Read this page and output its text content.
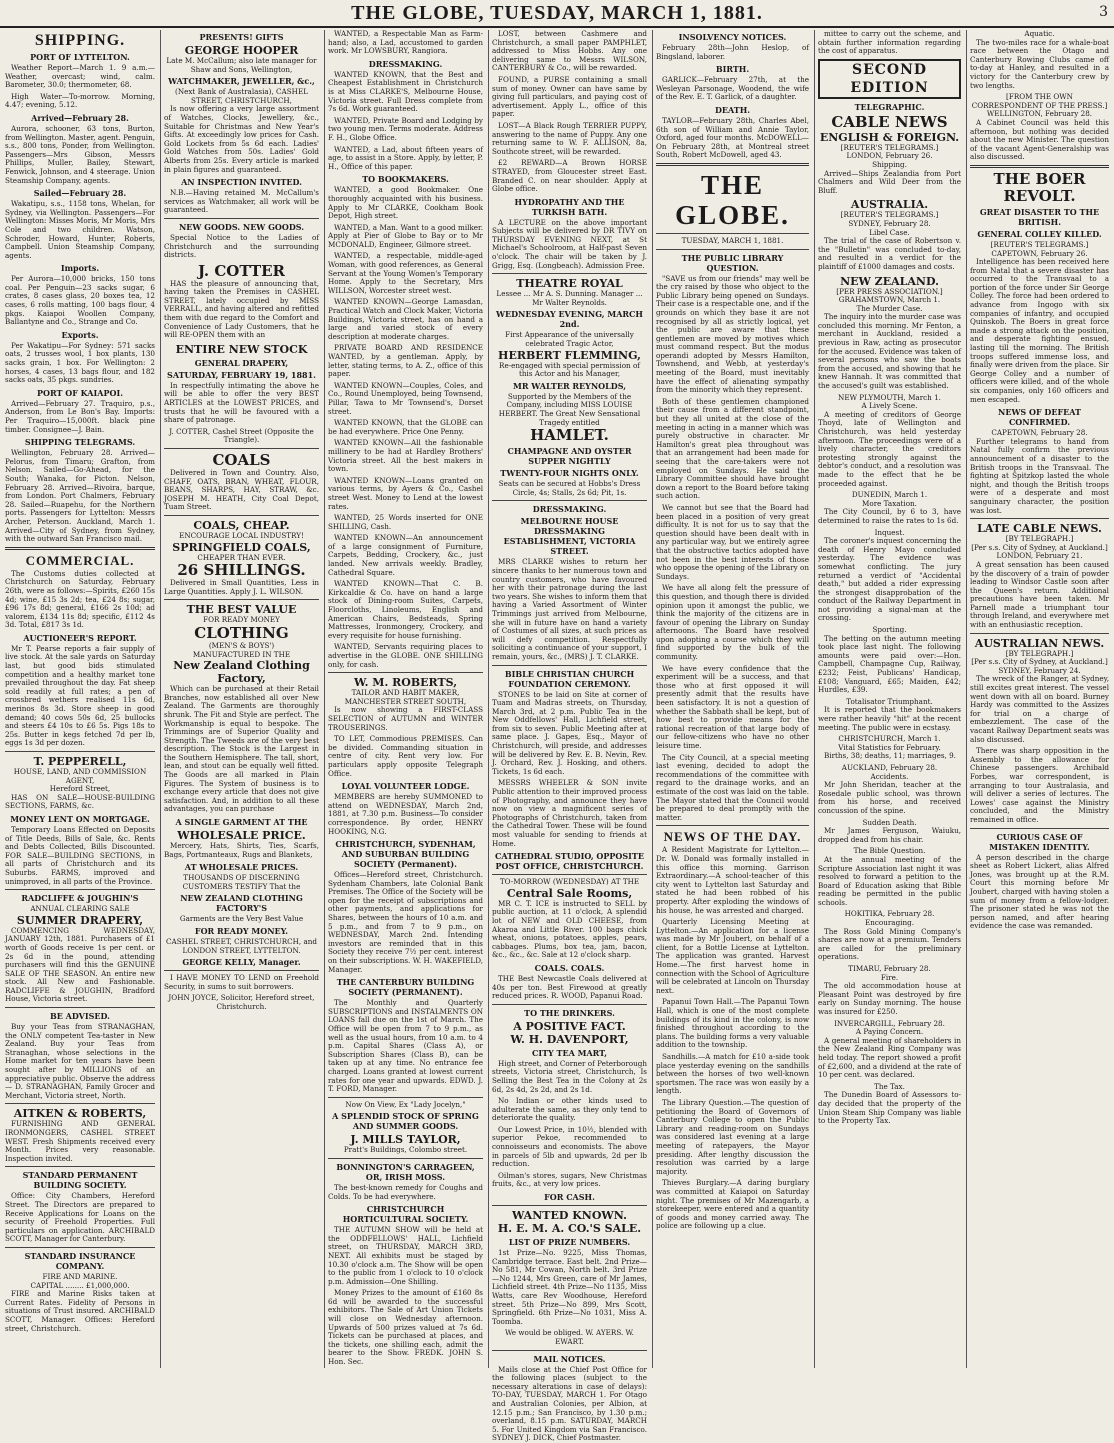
THE GLOBE, TUESDAY, MARCH 1, 1881.	3
SHIPPING.
PORT OF LYTTELTON.

Weather Report—March 1. 9 a.m.—Weather, overcast; wind, calm. Barometer, 30.0; thermometer, 68.

High Water—To-morrow. Morning, 4.47; evening, 5.12.

Arrived—February 28.

Aurora, schooner, 63 tons, Burton, from Wellington. Master, agent. Penguin, s.s., 800 tons, Ponder, from Wellington. Passengers—Mrs Gibson, Messrs Phillips, Muller, Bailey, Stewart, Fenwick, Johnson, and 4 steerage. Union Steamship Company, agents.

Sailed—February 28.

Wakatipu, s.s., 1158 tons, Whelan, for Sydney, via Wellington. Passengers—For Wellington: Misses Moris, Mr Moris, Mrs Cole and two children. Watson, Schroder, Howard, Hunter, Roberts, Campbell. Union Steamship Company, agents.

Imports.

Per Aurora—10,000 bricks, 150 tons coal. Per Penguin—23 sacks sugar, 6 crates, 8 cases glass, 20 boxes tea, 12 cases, 6 rolls matting, 100 bags flour, 4 pkgs. Kaiapoi Woollen Company, Ballantyne and Co., Strange and Co.

Exports.

Per Wakatipu—For Sydney: 571 sacks oats, 2 trusses wool, 1 box plants, 130 sacks grain, 1 box. For Wellington: 2 horses, 4 cases, 13 bags flour, and 182 sacks oats, 35 pkgs. sundries.

PORT OF KAIAPOI.

Arrived—February 27. Traquiro, p.s., Anderson, from Le Bon's Bay. Imports: Per Traquiro—15,000ft. black pine timber. Consignee—J. Bain.

SHIPPING TELEGRAMS.

Wellington, February 28. Arrived—Pelorus, from Timaru; Grafton, from Nelson. Sailed—Go-Ahead, for the South; Wanaka, for Picton. Nelson, February 28. Arrived—Rivoira, barque, from London. Port Chalmers, February 28. Sailed—Ruapehu, for the Northern ports. Passengers for Lyttelton: Messrs Archer, Peterson. Auckland, March 1. Arrived—City of Sydney, from Sydney, with the outward San Francisco mail.

COMMERCIAL.

The Customs duties collected at Christchurch on Saturday, February 26th, were as follows:—Spirits, £260 15s 4d; wine, £15 3s 2d; tea, £24 8s; sugar, £96 17s 8d; general, £166 2s 10d; ad valorem, £134 11s 8d; specific, £112 4s 3d. Total, £817 3s 1d.

AUCTIONEER'S REPORT.

Mr T. Pearse reports a fair supply of live stock. At the sale yards on Saturday last, but good bids stimulated competition and a healthy market tone prevailed throughout the day. Fat sheep sold readily at full rates; a pen of crossbred wethers realised 11s 6d, merinos 8s 3d. Store sheep in good demand; 40 cows 50s 6d, 25 bullocks and steers £4 10s to £6 5s. Pigs 18s to 25s. Butter in kegs fetched 7d per lb, eggs 1s 3d per dozen.

T. PEPPERELL,
HOUSE, LAND, AND COMMISSION AGENT,
Hereford Street,

HAS ON SALE—HOUSE-BUILDING SECTIONS, FARMS, &c.

MONEY LENT ON MORTGAGE.

Temporary Loans Effected on Deposits of Title Deeds, Bills of Sale, &c. Rents and Debts Collected, Bills Discounted. FOR SALE—BUILDING SECTIONS, in all parts of Christchurch and its Suburbs. FARMS, improved and unimproved, in all parts of the Province.

RADCLIFFE & JOUGHIN'S
ANNUAL CLEARING SALE
SUMMER DRAPERY,

COMMENCING WEDNESDAY, JANUARY 12th, 1881. Purchasers of £1 worth of Goods receive 1s per cent. or 2s 6d in the pound, attending purchasers will find this the GENUINE SALE OF THE SEASON. An entire new stock. All New and Fashionable. RADCLIFFE & JOUGHIN, Bradford House, Victoria street.

BE ADVISED.

Buy your Teas from STRANAGHAN, the ONLY competent Tea-taster in New Zealand. Buy your Teas from Stranaghan, whose selections in the Home market for ten years have been sought after by MILLIONS of an appreciative public. Observe the address— D. STRANAGHAN, Family Grocer and Merchant, Victoria street, North.

AITKEN & ROBERTS,

FURNISHING AND GENERAL IRONMONGERS, CASHEL STREET WEST. Fresh Shipments received every Month. Prices very reasonable. Inspection invited.

STANDARD PERMANENT BUILDING SOCIETY.

Office: City Chambers, Hereford Street. The Directors are prepared to Receive Applications for Loans on the security of Freehold Properties. Full particulars on application. ARCHIBALD SCOTT, Manager for Canterbury.

STANDARD INSURANCE COMPANY.
FIRE AND MARINE.
CAPITAL ........ £1,000,000.

FIRE and Marine Risks taken at Current Rates. Fidelity of Persons in situations of Trust insured. ARCHIBALD SCOTT, Manager. Offices: Hereford street, Christchurch.

PRESENTS! GIFTS
GEORGE HOOPER
Late M. McCallum; also late manager for Shaw and Sons, Wellington,
WATCHMAKER, JEWELLER, &c.,
(Next Bank of Australasia), CASHEL STREET, CHRISTCHURCH,

Is now offering a very large assortment of Watches, Clocks, Jewellery, &c., Suitable for Christmas and New Year's Gifts. At exceedingly low prices for Cash. Gold Lockets from 5s 6d each. Ladies' Gold Watches from 50s. Ladies' Gold Alberts from 25s. Every article is marked in plain figures and guaranteed.

AN INSPECTION INVITED.

N.B.—Having retained M. McCallum's services as Watchmaker, all work will be guaranteed.

NEW GOODS. NEW GOODS.

Special Notice to the Ladies of Christchurch and the surrounding districts.

J. COTTER

HAS the pleasure of announcing that, having taken the Premises in CASHEL STREET, lately occupied by MISS VERRALL, and having altered and refitted them with due regard to the Comfort and Convenience of Lady Customers, that he will RE-OPEN them with an

ENTIRE NEW STOCK
GENERAL DRAPERY,
SATURDAY, FEBRUARY 19, 1881.

In respectfully intimating the above he will be able to offer the very BEST ARTICLES at the LOWEST PRICES, and trusts that he will be favoured with a share of patronage.

J. COTTER, Cashel Street (Opposite the Triangle).
COALS

Delivered in Town and Country. Also, CHAFF, OATS, BRAN, WHEAT, FLOUR, BEANS, SHARPS, HAY, STRAW, &c. JOSEPH M. HEATH, City Coal Depot, Tuam Street.

COALS, CHEAP.
ENCOURAGE LOCAL INDUSTRY!
SPRINGFIELD COALS,
CHEAPER THAN EVER.
26 SHILLINGS.

Delivered in Small Quantities, Less in Large Quantities. Apply J. L. WILSON.

THE BEST VALUE
FOR READY MONEY
CLOTHING
(MEN'S & BOYS')
MANUFACTURED IN THE
New Zealand Clothing Factory,

Which can be purchased at their Retail Branches, now established all over New Zealand. The Garments are thoroughly shrunk. The Fit and Style are perfect. The Workmanship is equal to bespoke. The Trimmings are of Superior Quality and Strength. The Tweeds are of the very best description. The Stock is the Largest in the Southern Hemisphere. The tall, short, lean, and stout can be equally well fitted. The Goods are all marked in Plain Figures. The System of business is to exchange every article that does not give satisfaction. And, in addition to all these advantages, you can purchase

A SINGLE GARMENT AT THE
WHOLESALE PRICE.

Mercery, Hats, Shirts, Ties, Scarfs, Bags, Portmanteaux, Rugs and Blankets,

AT WHOLESALE PRICES.
THOUSANDS OF DISCERNING CUSTOMERS TESTIFY That the
NEW ZEALAND CLOTHING FACTORY'S
Garments are the Very Best Value
FOR READY MONEY.
CASHEL STREET, CHRISTCHURCH, and LONDON STREET, LYTTELTON.
GEORGE KELLY, Manager.

I HAVE MONEY TO LEND on Freehold Security, in sums to suit borrowers.

JOHN JOYCE, Solicitor, Hereford street, Christchurch.

WANTED, a Respectable Man as Farm-hand; also, a Lad, accustomed to garden work. Mr LOWSBURY, Rangiora.

DRESSMAKING.

WANTED KNOWN, that the Best and Cheapest Establishment in Christchurch is at Miss CLARKE'S, Melbourne House, Victoria street. Full Dress complete from 7s 6d. Work guaranteed.

WANTED, Private Board and Lodging by two young men. Terms moderate. Address F. H., Globe Office.

WANTED, a Lad, about fifteen years of age, to assist in a Store. Apply, by letter, P. H., Office of this paper.

TO BOOKMAKERS.

WANTED, a good Bookmaker. One thoroughly acquainted with his business. Apply to Mr CLARKE, Cookham Book Depot, High street.

WANTED, a Man. Want to a good milker. Apply at Pier of Globe to Bay or to Mr MCDONALD, Engineer, Gilmore street.

WANTED, a respectable, middle-aged Woman, with good references, as General Servant at the Young Women's Temporary Home. Apply to the Secretary, Mrs WILLSON, Worcester street west.

WANTED KNOWN—George Lamasdan, Practical Watch and Clock Maker, Victoria Buildings, Victoria street, has on hand a large and varied stock of every description at moderate charges.

PRIVATE BOARD AND RESIDENCE WANTED, by a gentleman. Apply, by letter, stating terms, to A. Z., office of this paper.

WANTED KNOWN—Couples, Coles, and Co., Round Unemployed, being Townsend, Pillar, Tawa to Mr Townsend's, Dorset street.

WANTED KNOWN, that the GLOBE can be had everywhere. Price One Penny.

WANTED KNOWN—All the fashionable millinery to be had at Hardley Brothers' Victoria street. All the best makers in town.

WANTED KNOWN—Loans granted on various terms, by Ayers & Co., Cashel street West. Money to Lend at the lowest rates.

WANTED, 25 Words inserted for ONE SHILLING, Cash.

WANTED KNOWN—An announcement of a large consignment of Furniture, Carpets, Bedding, Crockery, &c., just landed. New arrivals weekly. Bradley, Cathedral Square.

WANTED KNOWN—That C. B. Kirkcaldie & Co. have on hand a large stock of Dining-room Suites, Carpets, Floorcloths, Linoleums, English and American Chairs, Bedsteads, Spring Mattresses, Ironmongery, Crockery, and every requisite for house furnishing.

WANTED, Servants requiring places to advertise in the GLOBE. ONE SHILLING only, for cash.

W. M. ROBERTS,
TAILOR AND HABIT MAKER, MANCHESTER STREET SOUTH,

Is now showing a FIRST-CLASS SELECTION of AUTUMN and WINTER TROUSERINGS.

TO LET, Commodious PREMISES. Can be divided. Commanding situation in centre of city. Rent very low. For particulars apply opposite Telegraph Office.

LOYAL VOLUNTEER LODGE.

MEMBERS are hereby SUMMONED to attend on WEDNESDAY, March 2nd, 1881, at 7.30 p.m. Business—To consider correspondence. By order, HENRY HOOKING, N.G.

CHRISTCHURCH, SYDENHAM, AND SUBURBAN BUILDING SOCIETY (Permanent).

Offices—Hereford street, Christchurch. Sydenham Chambers, late Colonial Bank Premises. The Office of the Society will be open for the receipt of subscriptions and other payments, and applications for Shares, between the hours of 10 a.m. and 5 p.m., and from 7 to 9 p.m., on WEDNESDAY, March 2nd. Intending investors are reminded that in this Society they receive 7½ per cent. interest on their subscriptions. W. H. WAKEFIELD, Manager.

THE CANTERBURY BUILDING SOCIETY (PERMANENT).

The Monthly and Quarterly SUBSCRIPTIONS and INSTALMENTS ON LOANS fall due on the 1st of March. The Office will be open from 7 to 9 p.m., as well as the usual hours, from 10 a.m. to 4 p.m. Capital Shares (Class A), or Subscription Shares (Class B), can be taken up at any time. No entrance fee charged. Loans granted at lowest current rates for one year and upwards. EDWD. J. T. FORD, Manager.

Now On View, Ex "Lady Jocelyn,"
A SPLENDID STOCK OF SPRING AND SUMMER GOODS.
J. MILLS TAYLOR,
Pratt's Buildings, Colombo street.
BONNINGTON'S CARRAGEEN, OR, IRISH MOSS.

The best-known remedy for Coughs and Colds. To be had everywhere.

CHRISTCHURCH HORTICULTURAL SOCIETY.

THE AUTUMN SHOW will be held at the ODDFELLOWS' HALL, Lichfield street, on THURSDAY, MARCH 3RD, NEXT. All exhibits must be staged by 10.30 o'clock a.m. The Show will be open to the public from 1 o'clock to 10 o'clock p.m. Admission—One Shilling.

Money Prizes to the amount of £160 8s 6d will be awarded to the successful exhibitors. The Sale of Art Union Tickets will close on Wednesday afternoon. Upwards of 500 prizes valued at 7s 6d. Tickets can be purchased at places, and the tickets, one shilling each, admit the bearer to the Show. FREDK. JOHN S. Hon. Sec.

LOST, between Cashmere and Christchurch, a small paper PAMPHLET, addressed to Miss Hobbs. Any one delivering same to Messrs WILSON, CANTERBURY & Co., will be rewarded.

FOUND, a PURSE containing a small sum of money. Owner can have same by giving full particulars, and paying cost of advertisement. Apply L., office of this paper.

LOST—A Black Rough TERRIER PUPPY, answering to the name of Puppy. Any one returning same to W. F. ALLISON, 8a, Southcote street, will be rewarded.

£2 REWARD—A Brown HORSE STRAYED, from Gloucester street East. Branded C. on near shoulder. Apply at Globe office.

HYDROPATHY AND THE TURKISH BATH.

A LECTURE on the above important Subjects will be delivered by DR TIVY on THURSDAY EVENING NEXT, at St Michael's Schoolroom, at Half-past Seven o'clock. The chair will be taken by J. Grigg, Esq. (Longbeach). Admission Free.

THEATRE ROYAL
Lessee ... Mr A. S. Dunning. Manager ... Mr Walter Reynolds.
WEDNESDAY EVENING, MARCH 2nd.
First Appearance of the universally celebrated Tragic Actor,
HERBERT FLEMMING,
Re-engaged with special permission of this Actor and his Manager,
MR WALTER REYNOLDS,
Supported by the Members of the Company, including MISS LOUISE HERBERT. The Great New Sensational Tragedy entitled
HAMLET.
CHAMPAGNE AND OYSTER SUPPER NIGHTLY
TWENTY-FOUR NIGHTS ONLY.
Seats can be secured at Hobbs's Dress Circle, 4s; Stalls, 2s 6d; Pit, 1s.
DRESSMAKING.
MELBOURNE HOUSE DRESSMAKING ESTABLISHMENT, VICTORIA STREET.

MRS CLARKE wishes to return her sincere thanks to her numerous town and country customers, who have favoured her with their patronage during the last two years. She wishes to inform them that having a Varied Assortment of Winter Trimmings just arrived from Melbourne, she will in future have on hand a variety of Costumes of all sizes, at such prices as will defy competition. Respectfully soliciting a continuance of your support, I remain, yours, &c., (MRS) J. T. CLARKE.

BIBLE CHRISTIAN CHURCH FOUNDATION CEREMONY.

STONES to be laid on Site at corner of Tuam and Madras streets, on Thursday, March 3rd, at 2 p.m. Public Tea in the New Oddfellows' Hall, Lichfield street, from six to seven. Public Meeting after at same place. J. Gapes, Esq., Mayor of Christchurch, will preside, and addresses will be delivered by Rev. E. B. Nevin, Rev. J. Orchard, Rev. J. Hosking, and others. Tickets, 1s 6d each.

MESSRS WHEELER & SON invite Public attention to their improved process of Photography, and announce they have now on view a magnificent series of Photographs of Christchurch, taken from the Cathedral Tower. These will be found most valuable for sending to friends at Home.

CATHEDRAL STUDIO, OPPOSITE POST OFFICE, CHRISTCHURCH.
TO-MORROW (WEDNESDAY) AT THE
Central Sale Rooms,

MR C. T. ICE is instructed to SELL by public auction, at 11 o'clock, A splendid lot of NEW and OLD CHEESE, from Akaroa and Little River. 100 bags chick wheat, onions, potatoes, apples, pears, cabbages. Plums, box tea, jam, bacon, &c., &c., &c. Sale at 12 o'clock sharp.

COALS. COALS.

THE Best Newcastle Coals delivered at 40s per ton. Best Firewood at greatly reduced prices. R. WOOD, Papanui Road.

TO THE DRINKERS.
A POSITIVE FACT.
W. H. DAVENPORT,
CITY TEA MART,

High street, and Corner of Peterborough streets, Victoria street, Christchurch, Is Selling the Best Tea in the Colony at 2s 6d, 2s 4d, 2s 2d, and 2s 1d.

No Indian or other kinds used to adulterate the same, as they only tend to deteriorate the quality.

Our Lowest Price, in 10½, blended with superior Pekoe, recommended to connoisseurs and economists. The above in parcels of 5lb and upwards, 2d per lb reduction.

Oilman's stores, sugars, New Christmas fruits, &c., at very low prices.

FOR CASH.
WANTED KNOWN.
H. E. M. A. CO.'S SALE.
LIST OF PRIZE NUMBERS.

1st Prize—No. 9225, Miss Thomas, Cambridge terrace. East belt. 2nd Prize—No 581, Mr Cowan, North belt. 3rd Prize—No 1244, Mrs Green, care of Mr James, Lichfield street. 4th Prize—No 1135, Miss Watts, care Rev Woodhouse, Hereford street. 5th Prize—No 899, Mrs Scott, Springfield. 6th Prize—No 1031, Miss A. Toomba.

We would be obliged. W. AYERS. W. EWART.
MAIL NOTICES.

Mails close at the Chief Post Office for the following places (subject to the necessary alterations in case of delays): TO-DAY, TUESDAY, MARCH 1. For Otago and Australian Colonies, per Albion, at 12.15 p.m.; San Francisco, by 1.30 p.m.; overland, 8.15 p.m. SATURDAY, MARCH 5. For United Kingdom via San Francisco. SYDNEY J. DICK, Chief Postmaster.

INSOLVENCY NOTICES.

February 28th—John Heslop, of Bingsland, laborer.

BIRTH.

GARLICK—February 27th, at the Wesleyan Parsonage, Woodend, the wife of the Rev. E. T. Garlick, of a daughter.

DEATH.

TAYLOR—February 28th, Charles Abel, 6th son of William and Annie Taylor, Oxford, aged four months. McDOWELL—On February 28th, at Montreal street South, Robert McDowell, aged 43.

THE GLOBE.
TUESDAY, MARCH 1, 1881.
THE PUBLIC LIBRARY QUESTION.

"SAVE us from our friends" may well be the cry raised by those who object to the Public Library being opened on Sundays. Their case is a respectable one, and if the grounds on which they base it are not recognised by all as strictly logical, yet the public are aware that these gentlemen are moved by motives which must command respect. But the modus operandi adopted by Messrs Hamilton, Townshend, and Webb, at yesterday's meeting of the Board, must inevitably have the effect of alienating sympathy from the minority which they represent.

Both of these gentlemen championed their cause from a different standpoint, but they all united at the close of the meeting in acting in a manner which was purely obstructive in character. Mr Hamilton's great plea throughout was that an arrangement had been made for seeing that the care-takers were not employed on Sundays. He said the Library Committee should have brought down a report to the Board before taking such action.

We cannot but see that the Board had been placed in a position of very great difficulty. It is not for us to say that the question should have been dealt with in any particular way, but we entirely agree that the obstructive tactics adopted have not been in the best interests of those who oppose the opening of the Library on Sundays.

We have all along felt the pressure of this question, and though there is divided opinion upon it amongst the public, we think the majority of the citizens are in favour of opening the Library on Sunday afternoons. The Board have resolved upon adopting a course which they will find supported by the bulk of the community.

We have every confidence that the experiment will be a success, and that those who at first opposed it will presently admit that the results have been satisfactory. It is not a question of whether the Sabbath shall be kept, but of how best to provide means for the rational recreation of that large body of our fellow-citizens who have no other leisure time.

The City Council, at a special meeting last evening, decided to adopt the recommendations of the committee with regard to the drainage works, and an estimate of the cost was laid on the table. The Mayor stated that the Council would be prepared to deal promptly with the matter.

NEWS OF THE DAY.

A Resident Magistrate for Lyttelton.—Dr. W. Donald was formally installed in this office this morning. Garrison Extraordinary.—A school-teacher of this city went to Lyttelton last Saturday and stated he had been robbed of his property. After exploding the windows of his house, he was arrested and charged.

Quarterly Licensing Meeting at Lyttelton.—An application for a license was made by Mr Joubert, on behalf of a client, for a Bottle License at Lyttelton. The application was granted. Harvest Home.—The first harvest home in connection with the School of Agriculture will be celebrated at Lincoln on Thursday next.

Papanui Town Hall.—The Papanui Town Hall, which is one of the most complete buildings of its kind in the colony, is now finished throughout according to the plans. The building forms a very valuable addition to the township.

Sandhills.—A match for £10 a-side took place yesterday evening on the sandhills between the horses of two well-known sportsmen. The race was won easily by a length.

The Library Question.—The question of petitioning the Board of Governors of Canterbury College to open the Public Library and reading-room on Sundays was considered last evening at a large meeting of ratepayers, the Mayor presiding. After lengthy discussion the resolution was carried by a large majority.

Thieves Burglary.—A daring burglary was committed at Kaiapoi on Saturday night. The premises of Mr Mazengarb, a storekeeper, were entered and a quantity of goods and money carried away. The police are following up a clue.

mittee to carry out the scheme, and obtain further information regarding the cost of apparatus.

SECOND EDITION
TELEGRAPHIC.
CABLE NEWS
ENGLISH & FOREIGN.
[REUTER'S TELEGRAMS.]
LONDON, February 26.
Shipping.

Arrived—Ships Zealandia from Port Chalmers and Wild Deer from the Bluff.

AUSTRALIA.
[REUTER'S TELEGRAMS.]
SYDNEY, February 28.
Libel Case.

The trial of the case of Robertson v. the "Bulletin" was concluded to-day, and resulted in a verdict for the plaintiff of £1000 damages and costs.

NEW ZEALAND.
[PER PRESS ASSOCIATION.]
GRAHAMSTOWN, March 1.
The Murder Case.

The inquiry into the murder case was concluded this morning. Mr Fenton, a merchant in Auckland, resided a previous in Raw, acting as prosecutor for the accused. Evidence was taken of several persons who saw the boats from the accused, and showing that he knew Hannah. It was committed that the accused's guilt was established.

NEW PLYMOUTH, March 1.
A Lively Scene.

A meeting of creditors of George Thoyd, late of Wellington and Christchurch, was held yesterday afternoon. The proceedings were of a lively character, the creditors protesting strongly against the debtor's conduct, and a resolution was made to the effect that he be proceeded against.

DUNEDIN, March 1.
More Taxation.

The City Council, by 6 to 3, have determined to raise the rates to 1s 6d.

Inquest.

The coroner's inquest concerning the death of Henry Mayo concluded yesterday. The evidence was somewhat conflicting. The jury returned a verdict of "Accidental death," but added a rider expressing the strongest disapprobation of the conduct of the Railway Department in not providing a signal-man at the crossing.

Sporting.

The betting on the autumn meeting took place last night. The following amounts were paid over:—Hon. Campbell, Champagne Cup, Railway, £232; Feist, Publicans' Handicap, £108; Vanguard, £65; Maiden, £42; Hurdles, £39.

Totalisator Triumphant.

It is reported that the bookmakers were rather heavily "hit" at the recent meeting. The public were in ecstasy.

CHRISTCHURCH, March 1.
Vital Statistics for February.

Births, 38; deaths, 11; marriages, 9.

AUCKLAND, February 28.
Accidents.

Mr John Sheridan, teacher at the Rosedale public school, was thrown from his horse, and received concussion of the spine.

Sudden Death.

Mr James Ferguson, Waiuku, dropped dead from his chair.

The Bible Question.

At the annual meeting of the Scripture Association last night it was resolved to forward a petition to the Board of Education asking that Bible reading be permitted in the public schools.

HOKITIKA, February 28.
Encouraging.

The Ross Gold Mining Company's shares are now at a premium. Tenders are called for the preliminary operations.

TIMARU, February 28.
Fire.

The old accommodation house at Pleasant Point was destroyed by fire early on Sunday morning. The house was insured for £250.

INVERCARGILL, February 28.
A Paying Concern.

A general meeting of shareholders in the New Zealand Ring Company was held today. The report showed a profit of £2,600, and a dividend at the rate of 10 per cent. was declared.

The Tax.

The Dunedin Board of Assessors to-day decided that the property of the Union Steam Ship Company was liable to the Property Tax.

Aquatic.

The two-miles race for a whale-boat race between the Otago and Canterbury Rowing Clubs came off to-day at Hanley, and resulted in a victory for the Canterbury crew by two lengths.

[FROM THE OWN CORRESPONDENT OF THE PRESS.]
WELLINGTON, February 28.

A Cabinet Council was held this afternoon, but nothing was decided about the new Minister. The question of the vacant Agent-Generalship was also discussed.

THE BOER REVOLT.
GREAT DISASTER TO THE BRITISH.
GENERAL COLLEY KILLED.
[REUTER'S TELEGRAMS.]
CAPETOWN, February 26.

Intelligence has been received here from Natal that a severe disaster has occurred to the Transvaal to a portion of the force under Sir George Colley. The force had been ordered to advance from Ingogo with six companies of infantry, and occupied Quinskob. The Boers in great force made a strong attack on the position, and desperate fighting ensued, lasting till the morning. The British troops suffered immense loss, and finally were driven from the place. Sir George Colley and a number of officers were killed, and of the whole six companies, only 160 officers and men escaped.

NEWS OF DEFEAT CONFIRMED.
CAPETOWN, February 28.

Further telegrams to hand from Natal fully confirm the previous announcement of a disaster to the British troops in the Transvaal. The fighting at Spitzkop lasted the whole night, and though the British troops were of a desperate and most sanguinary character, the position was lost.

LATE CABLE NEWS.
[BY TELEGRAPH.]
[Per s.s. City of Sydney, at Auckland.]
LONDON, February 21.

A great sensation has been caused by the discovery of a train of powder leading to Windsor Castle soon after the Queen's return. Additional precautions have been taken. Mr Parnell made a triumphant tour through Ireland, and everywhere met with an enthusiastic reception.

AUSTRALIAN NEWS.
[BY TELEGRAPH.]
[Per s.s. City of Sydney, at Auckland.]
SYDNEY, February 24.

The wreck of the Ranger, at Sydney, still excites great interest. The vessel went down with all on board. Burney Hardy was committed to the Assizes for trial on a charge of embezzlement. The case of the vacant Railway Department seats was also discussed.

There was sharp opposition in the Assembly to the allowance for Chinese passengers. Archibald Forbes, war correspondent, is arranging to tour Australasia, and will deliver a series of lectures. The Lowes' case against the Ministry concluded, and the Ministry remained in office.

CURIOUS CASE OF MISTAKEN IDENTITY.

A person described in the charge sheet as Robert Lickert, alias Alfred Jones, was brought up at the R.M. Court this morning before Mr Joubert, charged with having stolen a sum of money from a fellow-lodger. The prisoner stated he was not the person named, and after hearing evidence the case was remanded.
